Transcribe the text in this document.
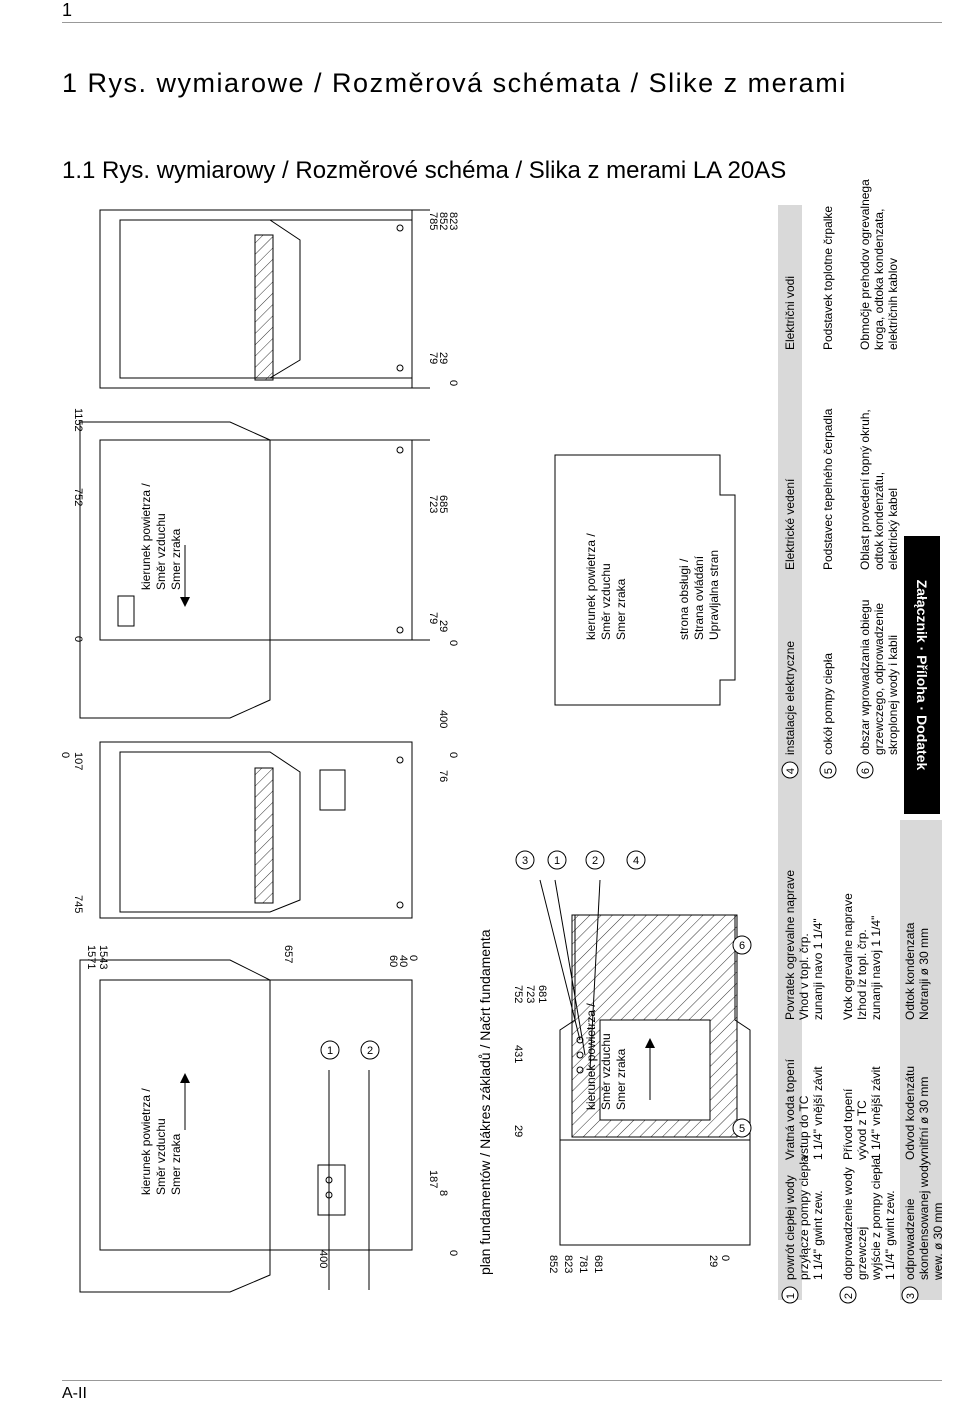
1
1 Rys. wymiarowe / Rozměrová schémata / Slike z merami
1.1 Rys. wymiarowy / Rozměrové schéma / Slika z merami LA 20AS
Załącznik · Příloha · Dodatek
kierunek powietrza / Směr vzduchu Smer zraka
kierunek powietrza / Směr vzduchu Smer zraka
1152
752
0
107
0
745
1571 1543	657	60
40
0
852
823
785
79
29
0
0
29
79
685
723
400
76
0
187
8
0
400	plan fundamentów / Nákres základů / Načrt fundamenta	kierunek powietrza / Směr vzduchu Smer zraka
kierunek powietrza / Směr vzduchu Smer zraka	strona obsługi / Strana ovládání Upravljalna stran
852 823 781 681	29 0
752 723 681
431
29
1	2
3 1	2	4
5
6
1
powrót ciepłej wody przyłącze pompy ciepła 1 1/4" gwint zew.
Vratná voda topení vstup do TC 1 1/4" vnější závit
Povratek ogrevalne naprave Vhod v topl. črp. zunanji navo 1 1/4"
2
doprowadzenie wody grzewczej wyjście z pompy ciepła 1 1/4" gwint zew.
Přívod topení vývod z TC 1 1/4" vnější závit
Vtok ogrevalne naprave Izhod iz topl. črp. zunanji navoj 1 1/4"
3
odprowadzenie skondensowanej wody wew. ø 30 mm
Odvod kodenzátu vnitřní ø 30 mm
Odtok kondenzata Notranji ø 30 mm
4
instalacje elektryczne
Elektrické vedení
Električni vodi
5
cokół pompy ciepła
Podstavec tepelného čerpadla
Podstavek toplotne črpalke
6
obszar wprowadzania obiegu grzewczego, odprowadzenie skroplonej wody i kabli
Oblast provedení topný okruh, odtok kondenzátu, elektrický kabel
Območje prehodov ogrevalnega kroga, odtoka kondenzata, električnih kablov
A-II
